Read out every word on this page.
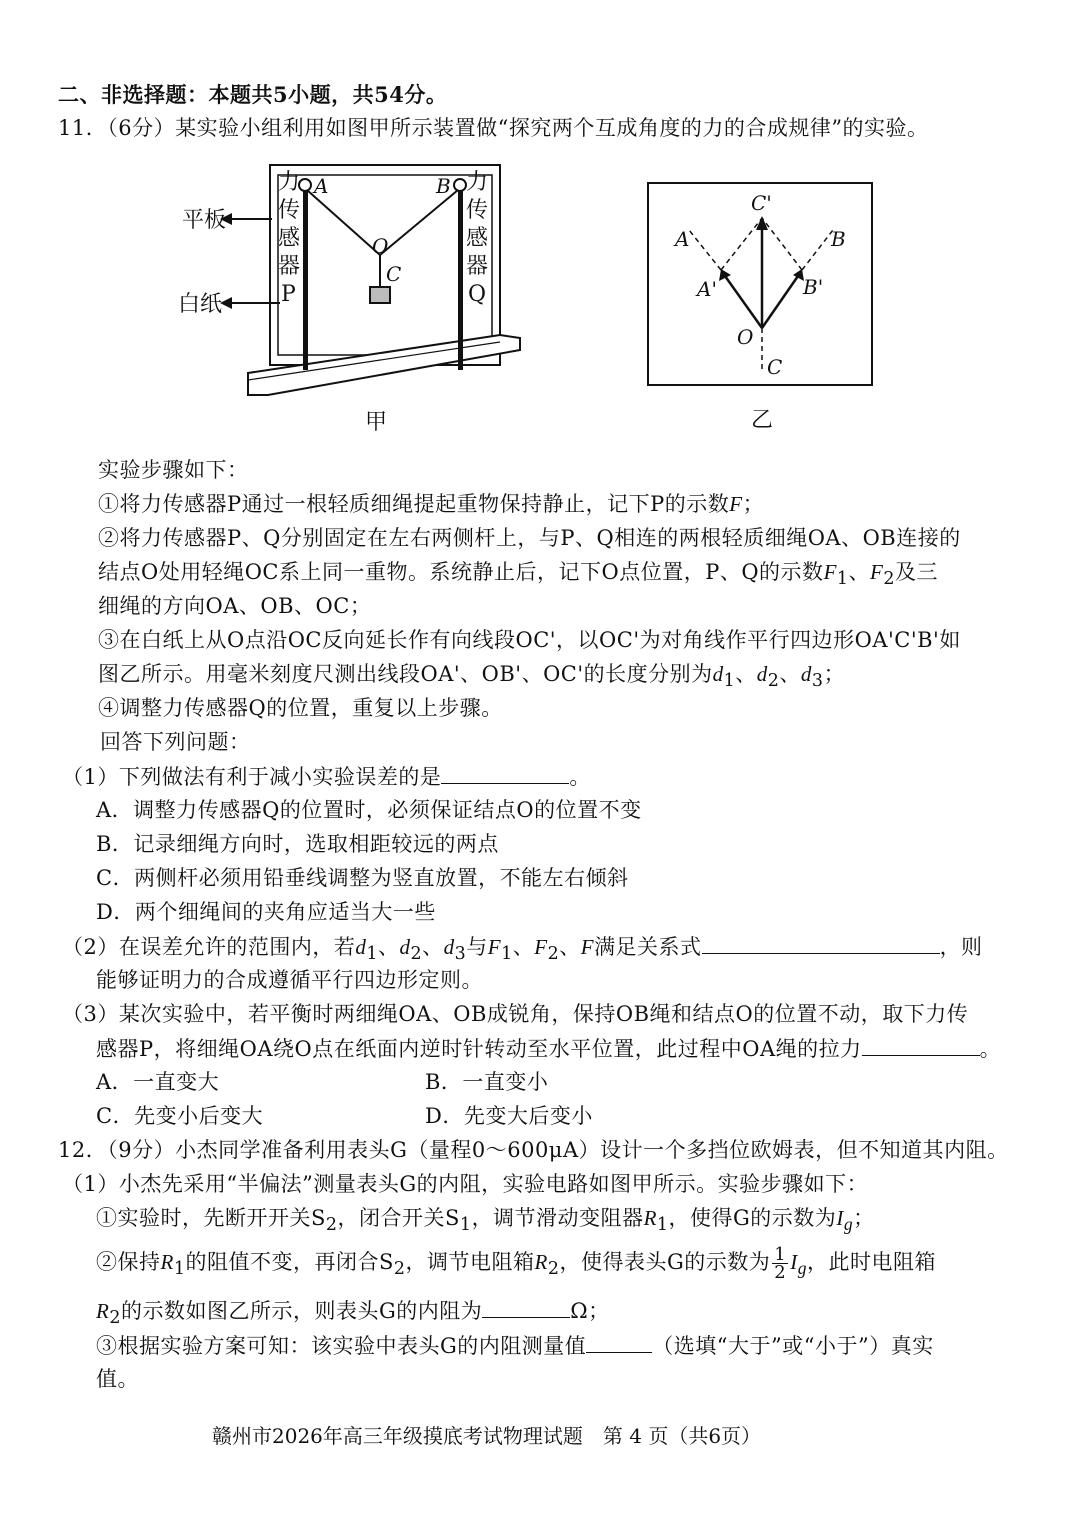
二、非选择题：本题共5小题，共54分。
11．（6分）某实验小组利用如图甲所示装置做“探究两个互成角度的力的合成规律”的实验。
平板
白纸
力
传
感
器
P
力
传
感
器
Q
A	B
O
C
甲
C'
A	B
A'	B'
O
C
乙
实验步骤如下：
①将力传感器P通过一根轻质细绳提起重物保持静止，记下P的示数F；
②将力传感器P、Q分别固定在左右两侧杆上，与P、Q相连的两根轻质细绳OA、OB连接的
结点O处用轻绳OC系上同一重物。系统静止后，记下O点位置，P、Q的示数$F_1$、$F_2$及三
细绳的方向OA、OB、OC；
③在白纸上从O点沿OC反向延长作有向线段OC'，以OC'为对角线作平行四边形OA'C'B'如
图乙所示。用毫米刻度尺测出线段OA'、OB'、OC'的长度分别为$d_1$、$d_2$、$d_3$；
④调整力传感器Q的位置，重复以上步骤。
回答下列问题：
（1）下列做法有利于减小实验误差的是	。
A．调整力传感器Q的位置时，必须保证结点O的位置不变
B．记录细绳方向时，选取相距较远的两点
C．两侧杆必须用铅垂线调整为竖直放置，不能左右倾斜
D．两个细绳间的夹角应适当大一些
（2）在误差允许的范围内，若$d_1$、$d_2$、$d_3$与$F_1$、$F_2$、F满足关系式	，则
能够证明力的合成遵循平行四边形定则。
（3）某次实验中，若平衡时两细绳OA、OB成锐角，保持OB绳和结点O的位置不动，取下力传
感器P，将细绳OA绕O点在纸面内逆时针转动至水平位置，此过程中OA绳的拉力	。
A．一直变大	B．一直变小
C．先变小后变大	D．先变大后变小
12．（9分）小杰同学准备利用表头G（量程0～600μA）设计一个多挡位欧姆表，但不知道其内阻。
（1）小杰先采用“半偏法”测量表头G的内阻，实验电路如图甲所示。实验步骤如下：
①实验时，先断开开关$S_2$，闭合开关$S_1$，调节滑动变阻器$R_1$，使得G的示数为$I_g$；
②保持$R_1$的阻值不变，再闭合$S_2$，调节电阻箱$R_2$，使得表头G的示数为 $\frac{1}{2} I_g$，此时电阻箱
$R_2$的示数如图乙所示，则表头G的内阻为	Ω；
③根据实验方案可知：该实验中表头G的内阻测量值	（选填“大于”或“小于”）真实
值。
赣州市2026年高三年级摸底考试物理试题　第 4 页（共6页）
